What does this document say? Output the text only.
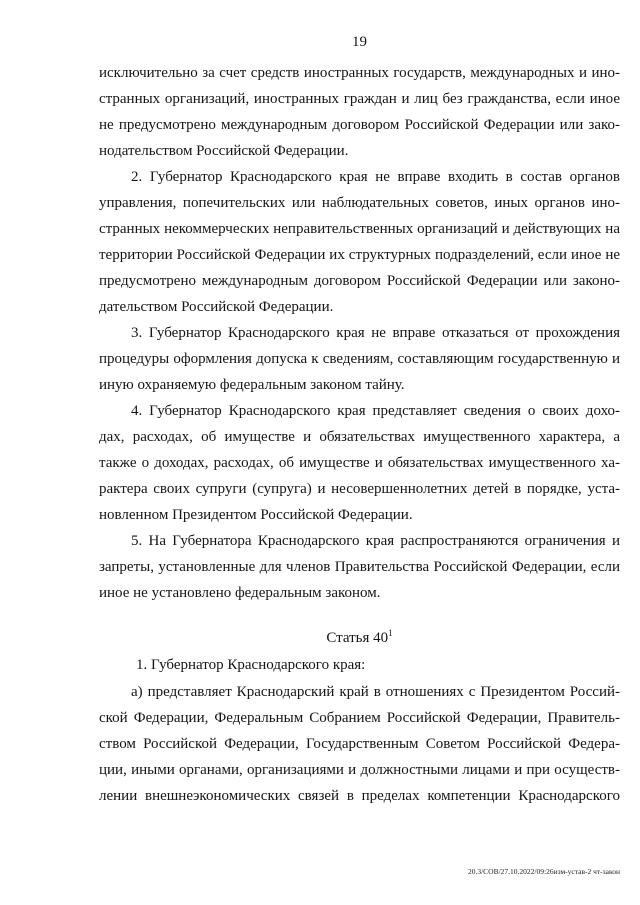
19
исключительно за счет средств иностранных государств, международных и ино-
странных организаций, иностранных граждан и лиц без гражданства, если иное
не предусмотрено международным договором Российской Федерации или зако-
нодательством Российской Федерации.
2. Губернатор Краснодарского края не вправе входить в состав органов
управления, попечительских или наблюдательных советов, иных органов ино-
странных некоммерческих неправительственных организаций и действующих на
территории Российской Федерации их структурных подразделений, если иное не
предусмотрено международным договором Российской Федерации или законо-
дательством Российской Федерации.
3. Губернатор Краснодарского края не вправе отказаться от прохождения
процедуры оформления допуска к сведениям, составляющим государственную и
иную охраняемую федеральным законом тайну.
4. Губернатор Краснодарского края представляет сведения о своих дохо-
дах, расходах, об имуществе и обязательствах имущественного характера, а
также о доходах, расходах, об имуществе и обязательствах имущественного ха-
рактера своих супруги (супруга) и несовершеннолетних детей в порядке, уста-
новленном Президентом Российской Федерации.
5. На Губернатора Краснодарского края распространяются ограничения и
запреты, установленные для членов Правительства Российской Федерации, если
иное не установлено федеральным законом.
Статья $40^1$
1. Губернатор Краснодарского края:
а) представляет Краснодарский край в отношениях с Президентом Россий-
ской Федерации, Федеральным Собранием Российской Федерации, Правитель-
ством Российской Федерации, Государственным Советом Российской Федера-
ции, иными органами, организациями и должностными лицами и при осуществ-
лении внешнеэкономических связей в пределах компетенции Краснодарского
20.3/СОВ/27.10.2022/09:26изм-устав-2 чт-закон
